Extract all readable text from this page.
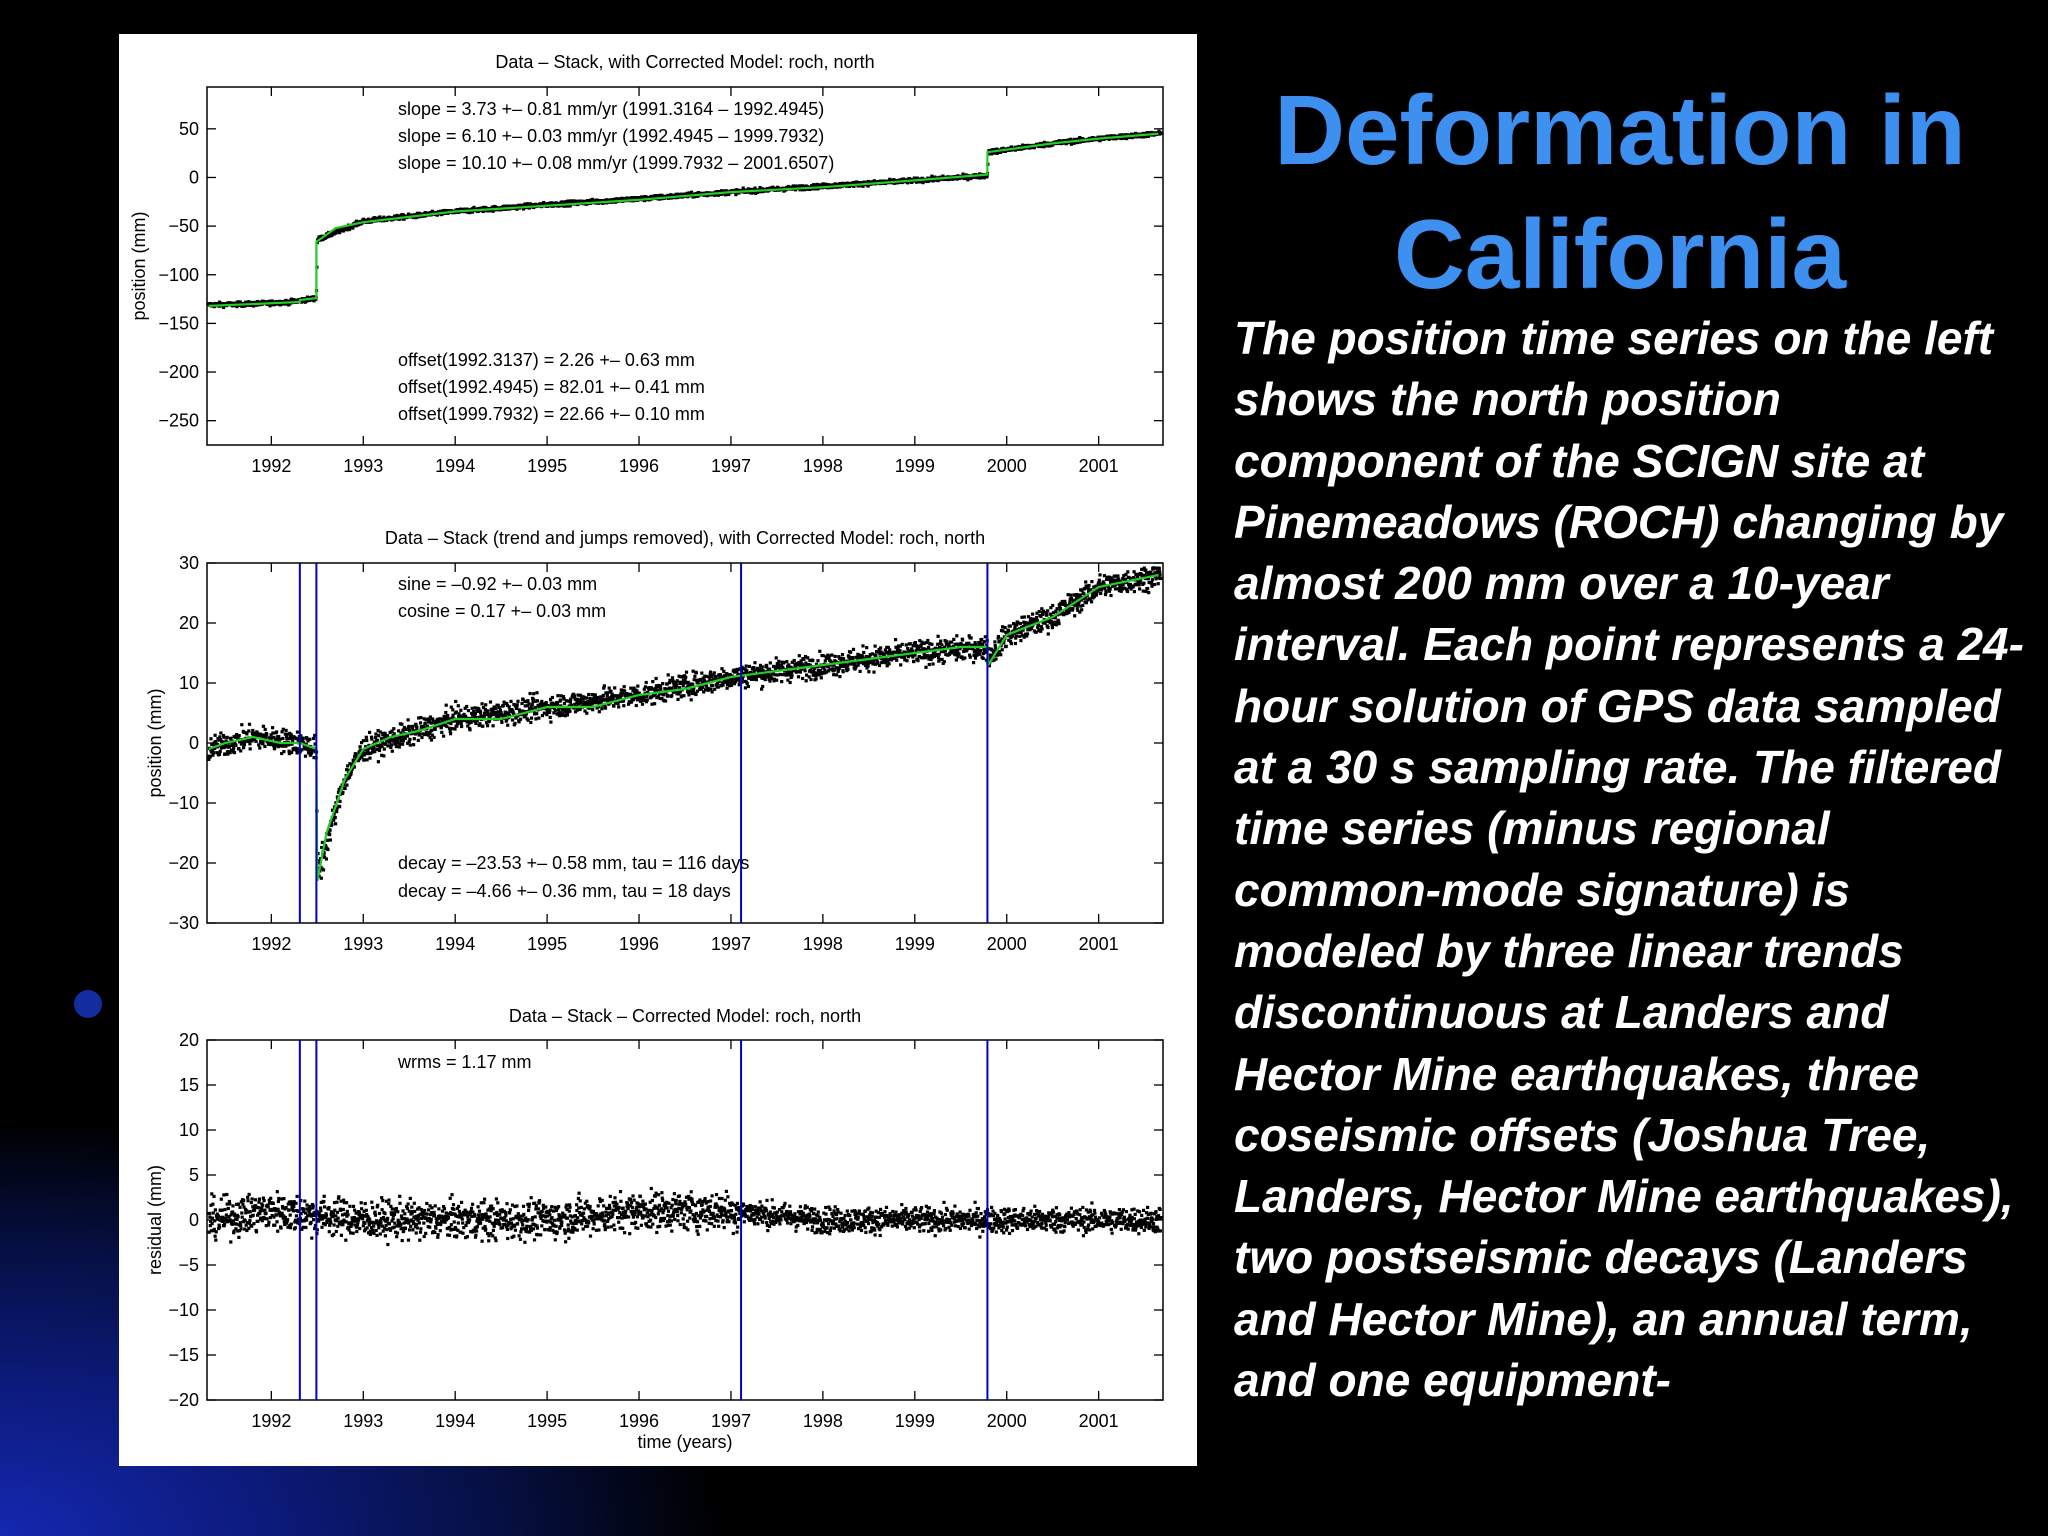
Data – Stack, with Corrected Model: roch, north
1992	1993	1994	1995	1996	1997	1998	1999	2000	2001
50
0
−50
−100
−150
−200
−250
position (mm)
slope = 3.73 +– 0.81 mm/yr (1991.3164 – 1992.4945)
slope = 6.10 +– 0.03 mm/yr (1992.4945 – 1999.7932)
slope = 10.10 +– 0.08 mm/yr (1999.7932 – 2001.6507)
offset(1992.3137) = 2.26 +– 0.63 mm
offset(1992.4945) = 82.01 +– 0.41 mm
offset(1999.7932) = 22.66 +– 0.10 mm
Data – Stack (trend and jumps removed), with Corrected Model: roch, north
1992	1993	1994	1995	1996	1997	1998	1999	2000	2001
30
20
10
0
−10
−20
−30
position (mm)
sine = –0.92 +– 0.03 mm
cosine = 0.17 +– 0.03 mm
decay = –23.53 +– 0.58 mm, tau = 116 days
decay = –4.66 +– 0.36 mm, tau = 18 days
Data – Stack – Corrected Model: roch, north
1992	1993	1994	1995	1996	1997	1998	1999	2000	2001
20
15
10
5
0
−5
−10
−15
−20
residual (mm)
time (years)
wrms = 1.17 mm
Deformation in California

The position time series on the left shows the north position component of the SCIGN site at Pinemeadows (ROCH) changing by almost 200 mm over a 10-year interval. Each point represents a 24-hour solution of GPS data sampled at a 30 s sampling rate. The filtered time series (minus regional common-mode signature) is modeled by three linear trends discontinuous at Landers and Hector Mine earthquakes, three coseismic offsets (Joshua Tree, Landers, Hector Mine earthquakes), two postseismic decays (Landers and Hector Mine), an annual term, and one equipment-
